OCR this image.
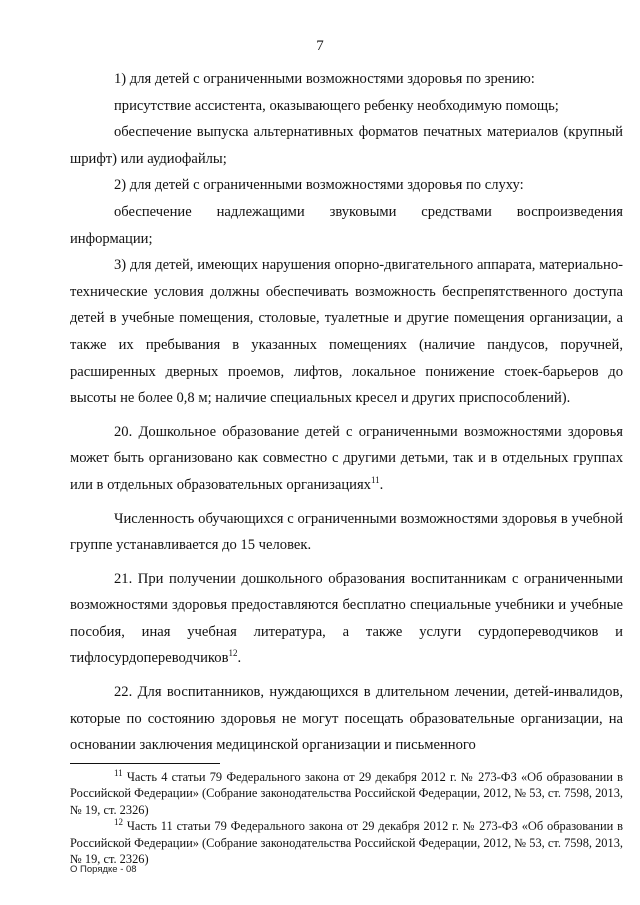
7

1) для детей с ограниченными возможностями здоровья по зрению:

присутствие ассистента, оказывающего ребенку необходимую помощь;

обеспечение выпуска альтернативных форматов печатных материалов (крупный шрифт) или аудиофайлы;

2) для детей с ограниченными возможностями здоровья по слуху:

обеспечение надлежащими звуковыми средствами воспроизведения информации;

3) для детей, имеющих нарушения опорно-двигательного аппарата, материально-технические условия должны обеспечивать возможность беспрепятственного доступа детей в учебные помещения, столовые, туалетные и другие помещения организации, а также их пребывания в указанных помещениях (наличие пандусов, поручней, расширенных дверных проемов, лифтов, локальное понижение стоек-барьеров до высоты не более 0,8 м; наличие специальных кресел и других приспособлений).

20. Дошкольное образование детей с ограниченными возможностями здоровья может быть организовано как совместно с другими детьми, так и в отдельных группах или в отдельных образовательных организациях$^{11}$.

Численность обучающихся с ограниченными возможностями здоровья в учебной группе устанавливается до 15 человек.

21. При получении дошкольного образования воспитанникам с ограниченными возможностями здоровья предоставляются бесплатно специальные учебники и учебные пособия, иная учебная литература, а также услуги сурдопереводчиков и тифлосурдопереводчиков$^{12}$.

22. Для воспитанников, нуждающихся в длительном лечении, детей-инвалидов, которые по состоянию здоровья не могут посещать образовательные организации, на основании заключения медицинской организации и письменного

$^{11}$ Часть 4 статьи 79 Федерального закона от 29 декабря 2012 г. № 273-ФЗ «Об образовании в Российской Федерации» (Собрание законодательства Российской Федерации, 2012, № 53, ст. 7598, 2013, № 19, ст. 2326)

$^{12}$ Часть 11 статьи 79 Федерального закона от 29 декабря 2012 г. № 273-ФЗ «Об образовании в Российской Федерации» (Собрание законодательства Российской Федерации, 2012, № 53, ст. 7598, 2013, № 19, ст. 2326)

О Порядке - 08
